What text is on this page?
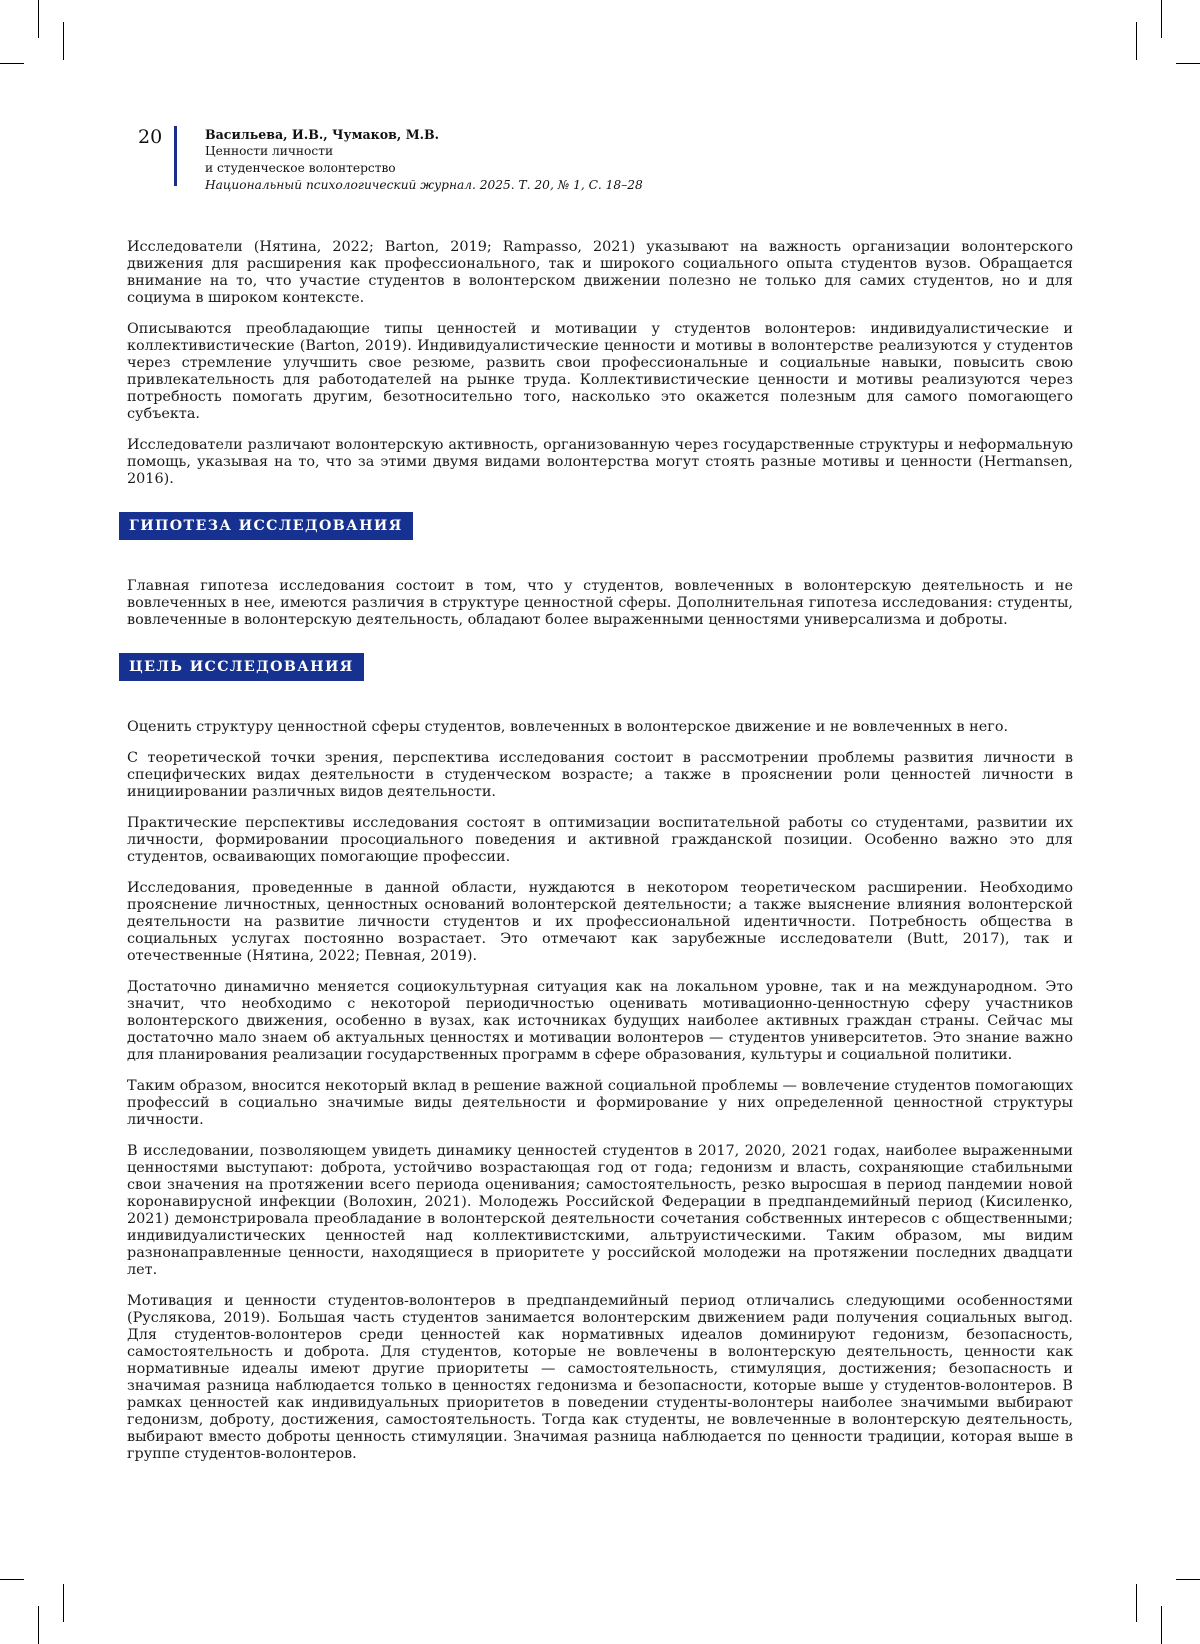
20	Васильева, И.В., Чумаков, М.В.
Ценности личности
и студенческое волонтерство
Национальный психологический журнал. 2025. Т. 20, № 1, С. 18–28

Исследователи (Нятина, 2022; Barton, 2019; Rampasso, 2021) указывают на важность организации волонтерского движения для расширения как профессионального, так и широкого социального опыта студентов вузов. Обращается внимание на то, что участие студентов в волонтерском движении полезно не только для самих студентов, но и для социума в широком контексте.

Описываются преобладающие типы ценностей и мотивации у студентов волонтеров: индивидуалистические и коллективистические (Barton, 2019). Индивидуалистические ценности и мотивы в волонтерстве реализуются у студентов через стремление улучшить свое резюме, развить свои профессиональные и социальные навыки, повысить свою привлекательность для работодателей на рынке труда. Коллективистические ценности и мотивы реализуются через потребность помогать другим, безотносительно того, насколько это окажется полезным для самого помогающего субъекта.

Исследователи различают волонтерскую активность, организованную через государственные структуры и неформальную помощь, указывая на то, что за этими двумя видами волонтерства могут стоять разные мотивы и ценности (Hermansen, 2016).

ГИПОТЕЗА ИССЛЕДОВАНИЯ

Главная гипотеза исследования состоит в том, что у студентов, вовлеченных в волонтерскую деятельность и не вовлеченных в нее, имеются различия в структуре ценностной сферы. Дополнительная гипотеза исследования: студенты, вовлеченные в волонтерскую деятельность, обладают более выраженными ценностями универсализма и доброты.

ЦЕЛЬ ИССЛЕДОВАНИЯ

Оценить структуру ценностной сферы студентов, вовлеченных в волонтерское движение и не вовлеченных в него.

С теоретической точки зрения, перспектива исследования состоит в рассмотрении проблемы развития личности в специфических видах деятельности в студенческом возрасте; а также в прояснении роли ценностей личности в инициировании различных видов деятельности.

Практические перспективы исследования состоят в оптимизации воспитательной работы со студентами, развитии их личности, формировании просоциального поведения и активной гражданской позиции. Особенно важно это для студентов, осваивающих помогающие профессии.

Исследования, проведенные в данной области, нуждаются в некотором теоретическом расширении. Необходимо прояснение личностных, ценностных оснований волонтерской деятельности; а также выяснение влияния волонтерской деятельности на развитие личности студентов и их профессиональной идентичности. Потребность общества в социальных услугах постоянно возрастает. Это отмечают как зарубежные исследователи (Butt, 2017), так и отечественные (Нятина, 2022; Певная, 2019).

Достаточно динамично меняется социокультурная ситуация как на локальном уровне, так и на международном. Это значит, что необходимо с некоторой периодичностью оценивать мотивационно-ценностную сферу участников волонтерского движения, особенно в вузах, как источниках будущих наиболее активных граждан страны. Сейчас мы достаточно мало знаем об актуальных ценностях и мотивации волонтеров — студентов университетов. Это знание важно для планирования реализации государственных программ в сфере образования, культуры и социальной политики.

Таким образом, вносится некоторый вклад в решение важной социальной проблемы — вовлечение студентов помогающих профессий в социально значимые виды деятельности и формирование у них определенной ценностной структуры личности.

В исследовании, позволяющем увидеть динамику ценностей студентов в 2017, 2020, 2021 годах, наиболее выраженными ценностями выступают: доброта, устойчиво возрастающая год от года; гедонизм и власть, сохраняющие стабильными свои значения на протяжении всего периода оценивания; самостоятельность, резко выросшая в период пандемии новой коронавирусной инфекции (Волохин, 2021). Молодежь Российской Федерации в предпандемийный период (Кисиленко, 2021) демонстрировала преобладание в волонтерской деятельности сочетания собственных интересов с общественными; индивидуалистических ценностей над коллективистскими, альтруистическими. Таким образом, мы видим разнонаправленные ценности, находящиеся в приоритете у российской молодежи на протяжении последних двадцати лет.

Мотивация и ценности студентов-волонтеров в предпандемийный период отличались следующими особенностями (Руслякова, 2019). Большая часть студентов занимается волонтерским движением ради получения социальных выгод. Для студентов-волонтеров среди ценностей как нормативных идеалов доминируют гедонизм, безопасность, самостоятельность и доброта. Для студентов, которые не вовлечены в волонтерскую деятельность, ценности как нормативные идеалы имеют другие приоритеты — самостоятельность, стимуляция, достижения; безопасность и значимая разница наблюдается только в ценностях гедонизма и безопасности, которые выше у студентов-волонтеров. В рамках ценностей как индивидуальных приоритетов в поведении студенты-волонтеры наиболее значимыми выбирают гедонизм, доброту, достижения, самостоятельность. Тогда как студенты, не вовлеченные в волонтерскую деятельность, выбирают вместо доброты ценность стимуляции. Значимая разница наблюдается по ценности традиции, которая выше в группе студентов-волонтеров.
